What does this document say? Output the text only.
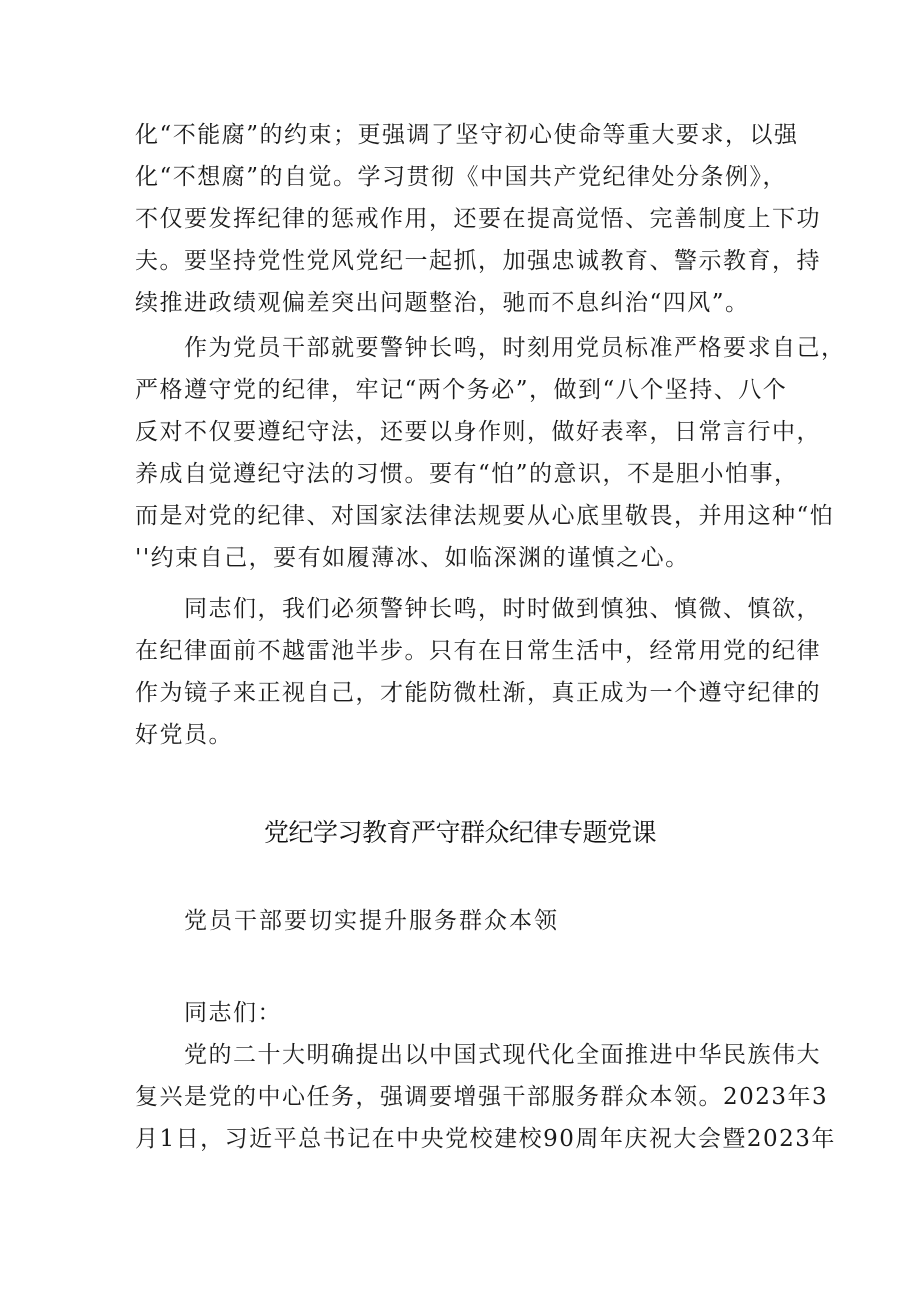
化“不能腐”的约束；更强调了坚守初心使命等重大要求，以强
化“不想腐”的自觉。学习贯彻《中国共产党纪律处分条例》，
不仅要发挥纪律的惩戒作用，还要在提高觉悟、完善制度上下功
夫。要坚持党性党风党纪一起抓，加强忠诚教育、警示教育，持
续推进政绩观偏差突出问题整治，驰而不息纠治“四风”。
作为党员干部就要警钟长鸣，时刻用党员标准严格要求自己，
严格遵守党的纪律，牢记“两个务必”，做到“八个坚持、八个
反对不仅要遵纪守法，还要以身作则，做好表率，日常言行中，
养成自觉遵纪守法的习惯。要有“怕”的意识，不是胆小怕事，
而是对党的纪律、对国家法律法规要从心底里敬畏，并用这种“怕
''约束自己，要有如履薄冰、如临深渊的谨慎之心。
同志们，我们必须警钟长鸣，时时做到慎独、慎微、慎欲，
在纪律面前不越雷池半步。只有在日常生活中，经常用党的纪律
作为镜子来正视自己，才能防微杜渐，真正成为一个遵守纪律的
好党员。
党纪学习教育严守群众纪律专题党课
党员干部要切实提升服务群众本领
同志们：
党的二十大明确提出以中国式现代化全面推进中华民族伟大
复兴是党的中心任务，强调要增强干部服务群众本领。2023年3
月1日，习近平总书记在中央党校建校90周年庆祝大会暨2023年
